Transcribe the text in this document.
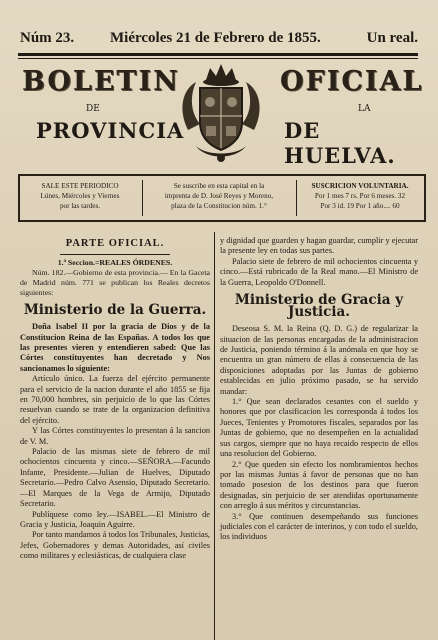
Núm 23. Miércoles 21 de Febrero de 1855.	Un real.
BOLETIN	OFICIAL
DE	LA
PROVINCIA	DE HUELVA.
SALE ESTE PERIODICO
Lúnes, Miércoles y Viernes
por las tardes.
Se suscribe en esta capital en la
imprenta de D. José Reyes y Moreno,
plaza de la Constitucion núm. 1.°
SUSCRICION VOLUNTARIA.
Por 1 mes 7 rs. Por 6 meses. 32
Por 3 id. 19 Por 1 año.... 60

PARTE OFICIAL.

1.ª Seccion.=REALES ÓRDENES.

Núm. 182.—Gobierno de esta provincia.— En la Gaceta de Madrid núm. 771 se publican los Reales decretos siguientes:

Ministerio de la Guerra.

Doña Isabel II por la gracia de Dios y de la Constitucion Reina de las Españas. A todos los que las presentes vieren y entendieren sabed: Que las Córtes constituyentes han decretado y Nos sancionamos lo siguiente:

Artículo único. La fuerza del ejército permanente para el servicio de la nacion durante el año 1855 se fija en 70,000 hombres, sin perjuicio de lo que las Córtes resuelvan cuando se trate de la organizacion definitiva del ejército.

Y las Córtes constituyentes lo presentan á la sancion de V. M.

Palacio de las mismas siete de febrero de mil ochocientos cincuenta y cinco.—SEÑORA.—Facundo Infante, Presidente.—Julian de Huelves, Diputado Secretario.—Pedro Calvo Asensio, Diputado Secretario.—El Marques de la Vega de Armijo, Diputado Secretario.

Publíquese como ley.—ISABEL.—El Ministro de Gracia y Justicia, Joaquin Aguirre.

Por tanto mandamos á todos los Tribunales, Justicias, Jefes, Gobernadores y demas Autoridades, así civiles como militares y eclesiásticas, de cualquiera clase

y dignidad que guarden y hagan guardar, cumplir y ejecutar la presente ley en todas sus partes.

Palacio siete de febrero de mil ochocientos cincuenta y cinco.—Está rubricado de la Real mano.—El Ministro de la Guerra, Leopoldo O'Donnell.

Ministerio de Gracia y Justicia.

Deseosa S. M. la Reina (Q. D. G.) de regularizar la situacion de las personas encargadas de la administracion de Justicia, poniendo término á la anómala en que hoy se encuentra un gran número de ellas á consecuencia de las disposiciones adoptadas por las Juntas de gobierno establecidas en julio próximo pasado, se ha servido mandar:

1.° Que sean declarados cesantes con el sueldo y honores que por clasificacion les corresponda á todos los Jueces, Tenientes y Promotores fiscales, separados por las Juntas de gobierno, que no desempeñen en la actualidad sus cargos, siempre que no haya recaido respecto de ellos una resolucion del Gobierno.

2.° Que queden sin efecto los nombramientos hechos por las mismas Juntas á favor de personas que no han tomado posesion de los destinos para que fueron designadas, sin perjuicio de ser atendidas oportunamente con arreglo á sus méritos y circunstancias.

3.° Que continuen desempeñando sus funciones judiciales con el carácter de interinos, y con todo el sueldo, los individuos
